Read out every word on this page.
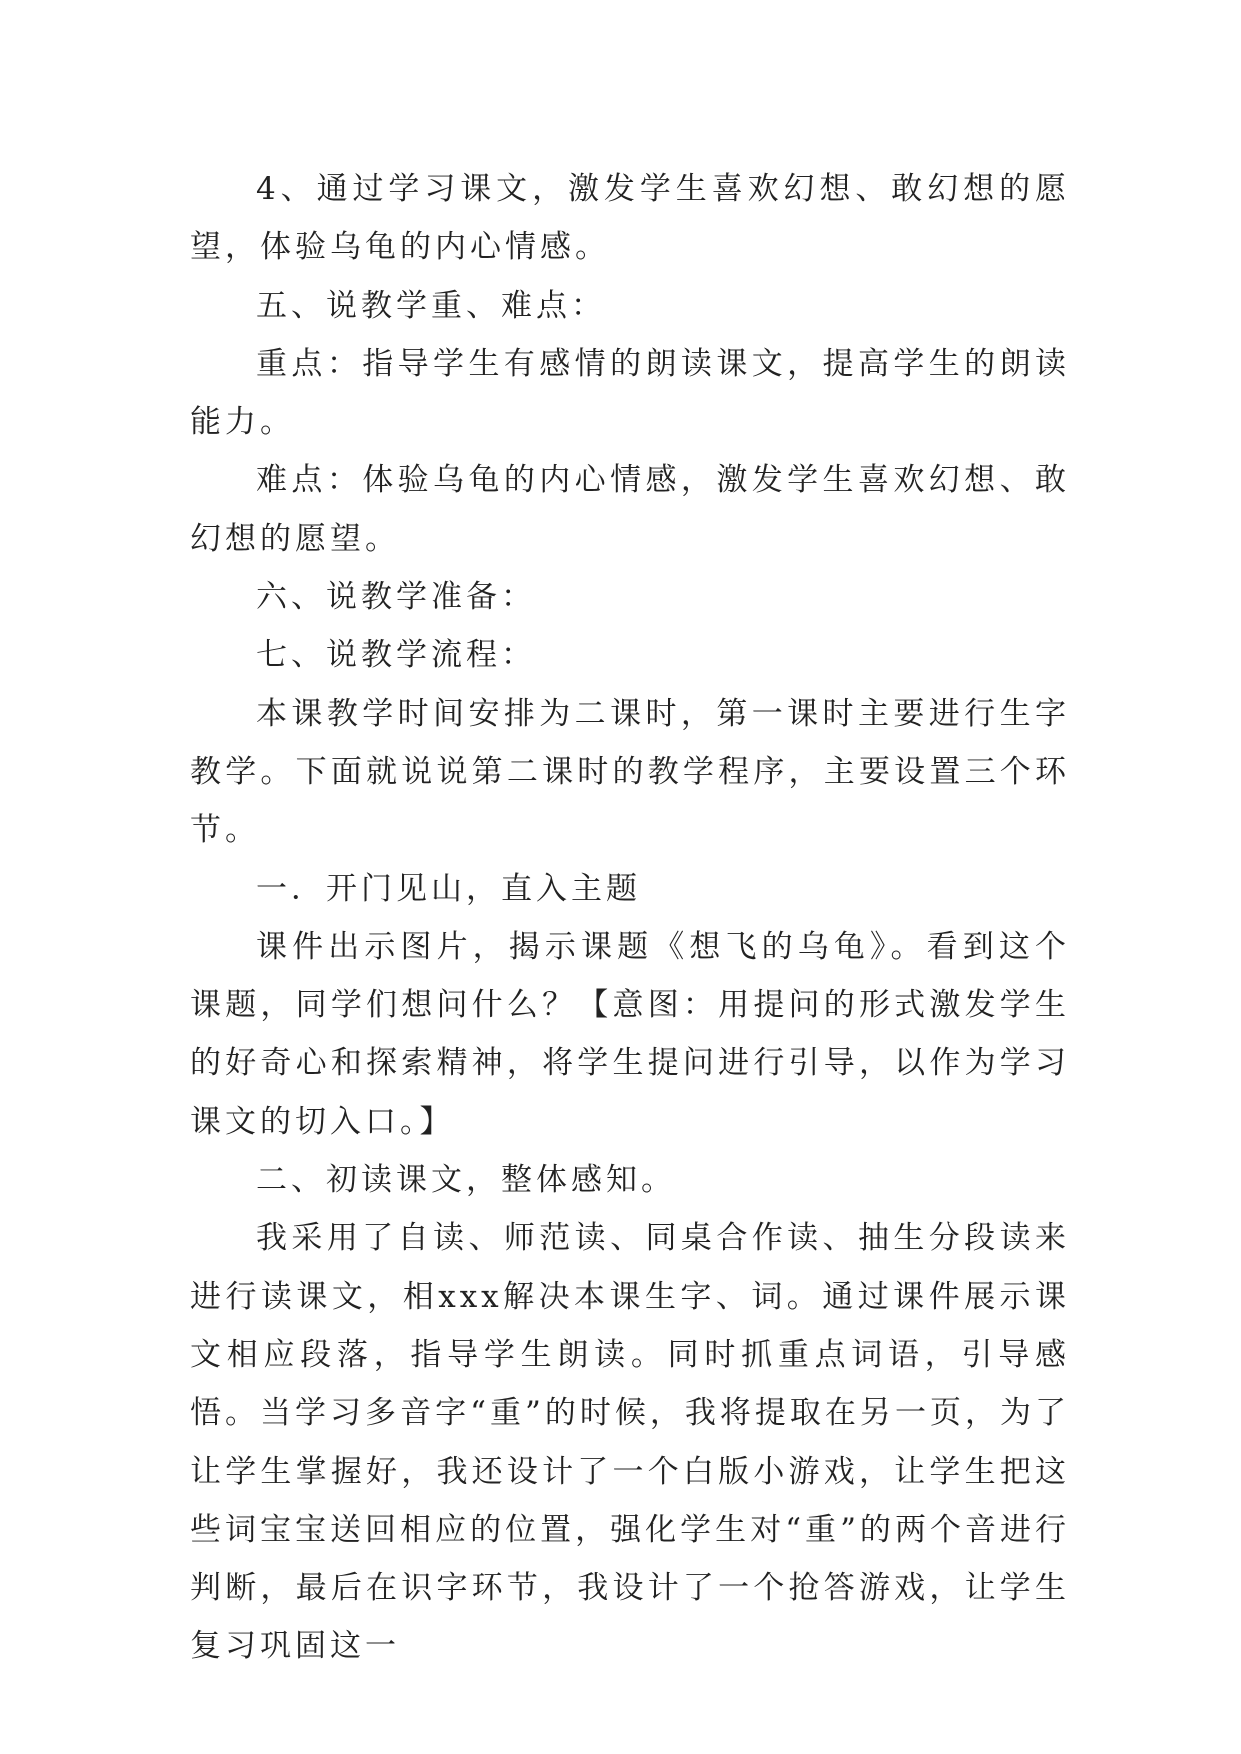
4、通过学习课文，激发学生喜欢幻想、敢幻想的愿望，体验乌龟的内心情感。

五、说教学重、难点：

重点：指导学生有感情的朗读课文，提高学生的朗读能力。

难点：体验乌龟的内心情感，激发学生喜欢幻想、敢幻想的愿望。

六、说教学准备：

七、说教学流程：

本课教学时间安排为二课时，第一课时主要进行生字教学。下面就说说第二课时的教学程序，主要设置三个环节。

一．开门见山，直入主题

课件出示图片，揭示课题《想飞的乌龟》。看到这个课题，同学们想问什么？【意图：用提问的形式激发学生的好奇心和探索精神，将学生提问进行引导，以作为学习课文的切入口。】

二、初读课文，整体感知。

我采用了自读、师范读、同桌合作读、抽生分段读来进行读课文，相xxx解决本课生字、词。通过课件展示课文相应段落，指导学生朗读。同时抓重点词语，引导感悟。当学习多音字“重”的时候，我将提取在另一页，为了让学生掌握好，我还设计了一个白版小游戏，让学生把这些词宝宝送回相应的位置，强化学生对“重”的两个音进行判断，最后在识字环节，我设计了一个抢答游戏，让学生复习巩固这一
